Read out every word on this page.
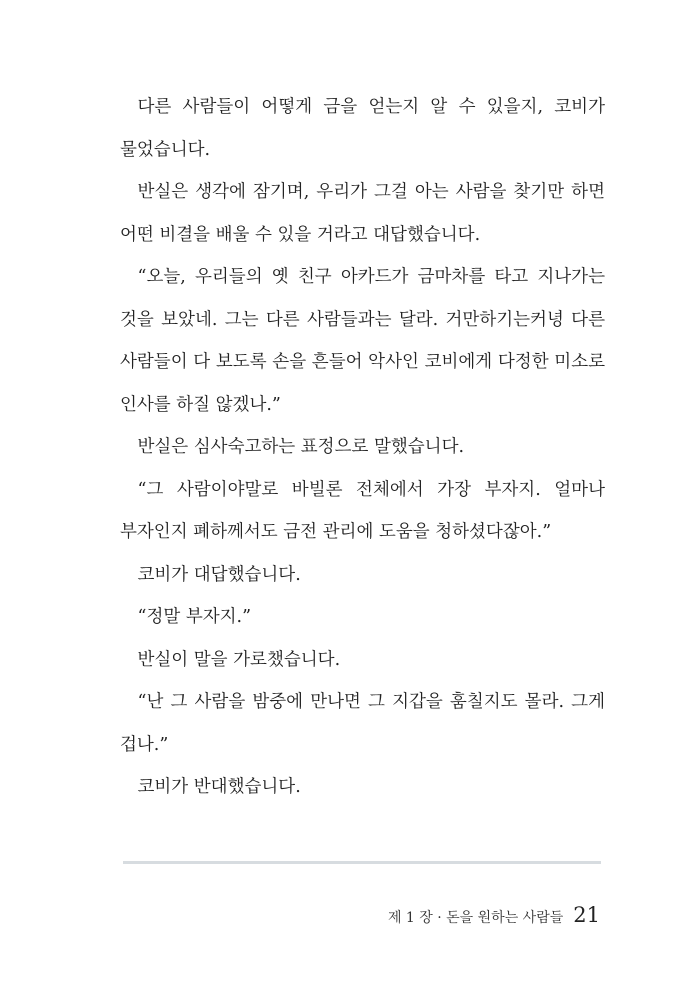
다른 사람들이 어떻게 금을 얻는지 알 수 있을지, 코비가 물었습니다.

반실은 생각에 잠기며, 우리가 그걸 아는 사람을 찾기만 하면 어떤 비결을 배울 수 있을 거라고 대답했습니다.

“오늘, 우리들의 옛 친구 아카드가 금마차를 타고 지나가는 것을 보았네. 그는 다른 사람들과는 달라. 거만하기는커녕 다른 사람들이 다 보도록 손을 흔들어 악사인 코비에게 다정한 미소로 인사를 하질 않겠나.”

반실은 심사숙고하는 표정으로 말했습니다.

“그 사람이야말로 바빌론 전체에서 가장 부자지. 얼마나 부자인지 폐하께서도 금전 관리에 도움을 청하셨다잖아.”

코비가 대답했습니다.

“정말 부자지.”

반실이 말을 가로챘습니다.

“난 그 사람을 밤중에 만나면 그 지갑을 훔칠지도 몰라. 그게 겁나.”

코비가 반대했습니다.

제 1 장 · 돈을 원하는 사람들 21
